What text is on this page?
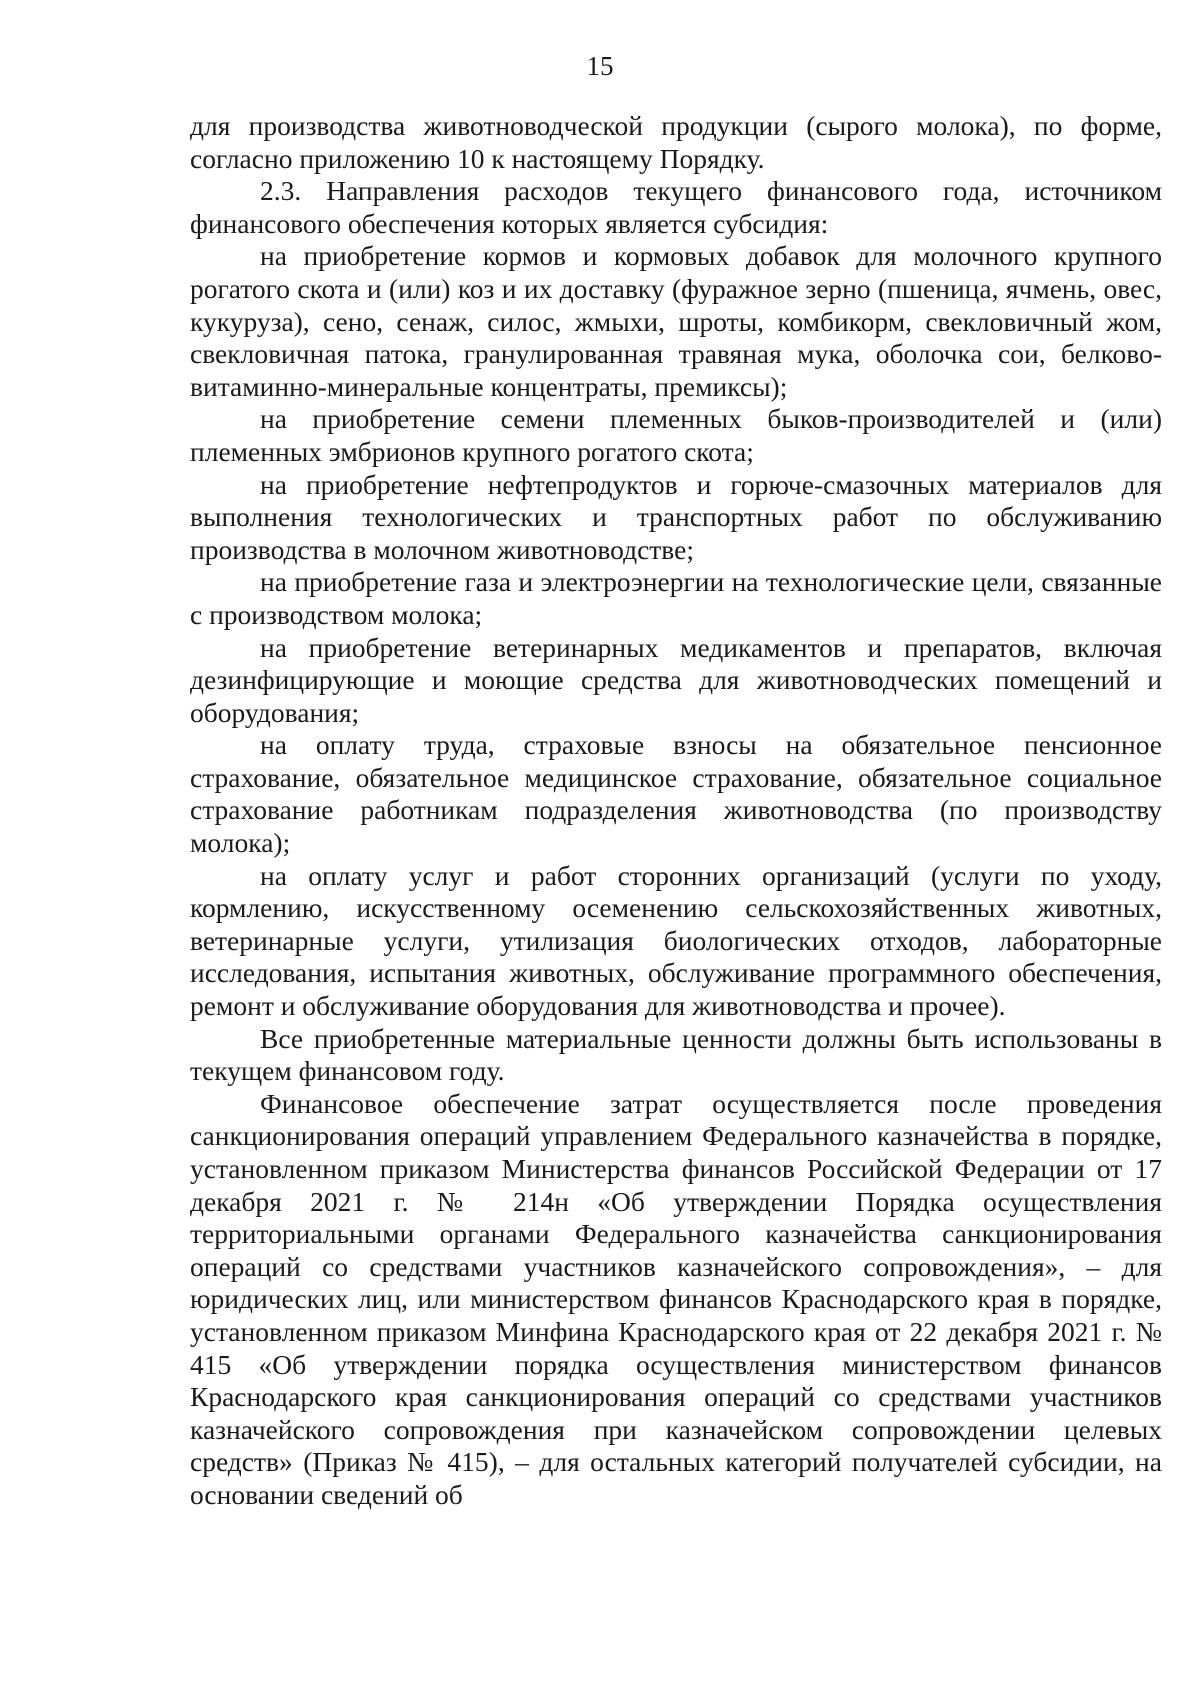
15

для производства животноводческой продукции (сырого молока), по форме, согласно приложению 10 к настоящему Порядку.

2.3. Направления расходов текущего финансового года, источником финансового обеспечения которых является субсидия:

на приобретение кормов и кормовых добавок для молочного крупного рогатого скота и (или) коз и их доставку (фуражное зерно (пшеница, ячмень, овес, кукуруза), сено, сенаж, силос, жмыхи, шроты, комбикорм, свекловичный жом, свекловичная патока, гранулированная травяная мука, оболочка сои, белково-витаминно-минеральные концентраты, премиксы);

на приобретение семени племенных быков-производителей и (или) племенных эмбрионов крупного рогатого скота;

на приобретение нефтепродуктов и горюче-смазочных материалов для выполнения технологических и транспортных работ по обслуживанию производства в молочном животноводстве;

на приобретение газа и электроэнергии на технологические цели, связанные с производством молока;

на приобретение ветеринарных медикаментов и препаратов, включая дезинфицирующие и моющие средства для животноводческих помещений и оборудования;

на оплату труда, страховые взносы на обязательное пенсионное страхование, обязательное медицинское страхование, обязательное социальное страхование работникам подразделения животноводства (по производству молока);

на оплату услуг и работ сторонних организаций (услуги по уходу, кормлению, искусственному осеменению сельскохозяйственных животных, ветеринарные услуги, утилизация биологических отходов, лабораторные исследования, испытания животных, обслуживание программного обеспечения, ремонт и обслуживание оборудования для животноводства и прочее).

Все приобретенные материальные ценности должны быть использованы в текущем финансовом году.

Финансовое обеспечение затрат осуществляется после проведения санкционирования операций управлением Федерального казначейства в порядке, установленном приказом Министерства финансов Российской Федерации от 17 декабря 2021 г. № 214н «Об утверждении Порядка осуществления территориальными органами Федерального казначейства санкционирования операций со средствами участников казначейского сопровождения», – для юридических лиц, или министерством финансов Краснодарского края в порядке, установленном приказом Минфина Краснодарского края от 22 декабря 2021 г. № 415 «Об утверждении порядка осуществления министерством финансов Краснодарского края санкционирования операций со средствами участников казначейского сопровождения при казначейском сопровождении целевых средств» (Приказ № 415), – для остальных категорий получателей субсидии, на основании сведений об
